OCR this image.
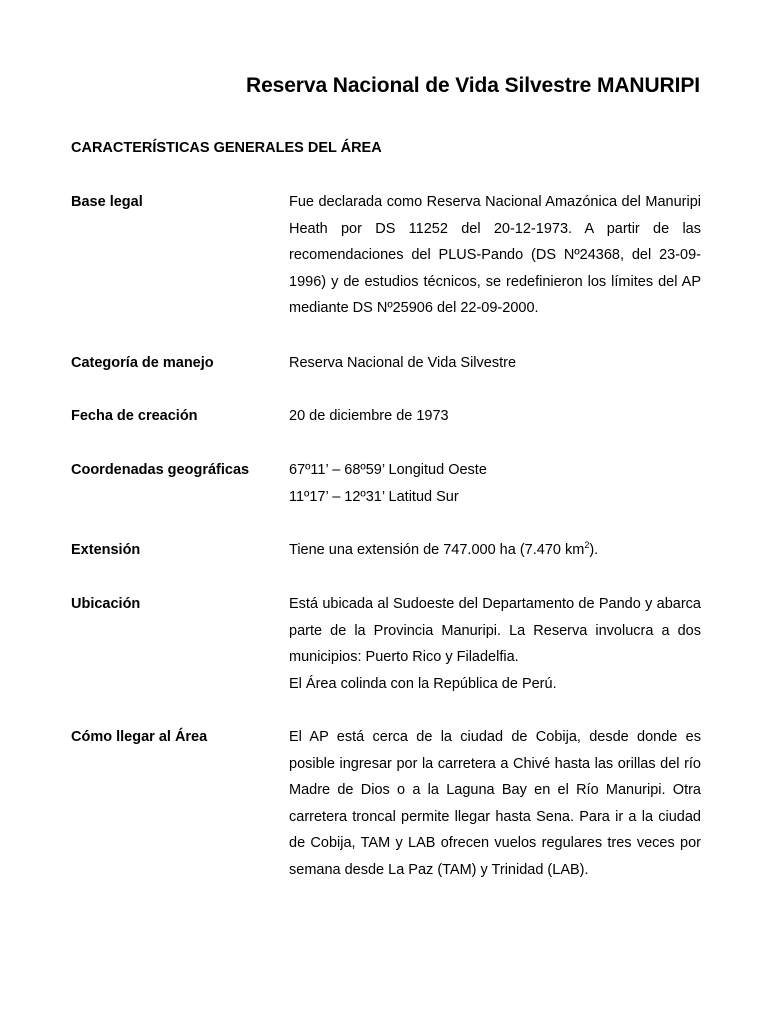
Reserva Nacional de Vida Silvestre MANURIPI
CARACTERÍSTICAS GENERALES DEL ÁREA
Base legal	Fue declarada como Reserva Nacional Amazónica del Manuripi Heath por DS 11252 del 20-12-1973. A partir de las recomendaciones del PLUS-Pando (DS Nº24368, del 23-09-1996) y de estudios técnicos, se redefinieron los límites del AP mediante DS Nº25906 del 22-09-2000.
Categoría de manejo	Reserva Nacional de Vida Silvestre
Fecha de creación	20 de diciembre de 1973
Coordenadas geográficas	67º11’ – 68º59’ Longitud Oeste

11º17’ – 12º31’ Latitud Sur

Extensión	Tiene una extensión de 747.000 ha (7.470 $km^2$).
Ubicación	Está ubicada al Sudoeste del Departamento de Pando y abarca parte de la Provincia Manuripi. La Reserva involucra a dos municipios: Puerto Rico y Filadelfia.

El Área colinda con la República de Perú.

Cómo llegar al Área	El AP está cerca de la ciudad de Cobija, desde donde es posible ingresar por la carretera a Chivé hasta las orillas del río Madre de Dios o a la Laguna Bay en el Río Manuripi. Otra carretera troncal permite llegar hasta Sena. Para ir a la ciudad de Cobija, TAM y LAB ofrecen vuelos regulares tres veces por semana desde La Paz (TAM) y Trinidad (LAB).
